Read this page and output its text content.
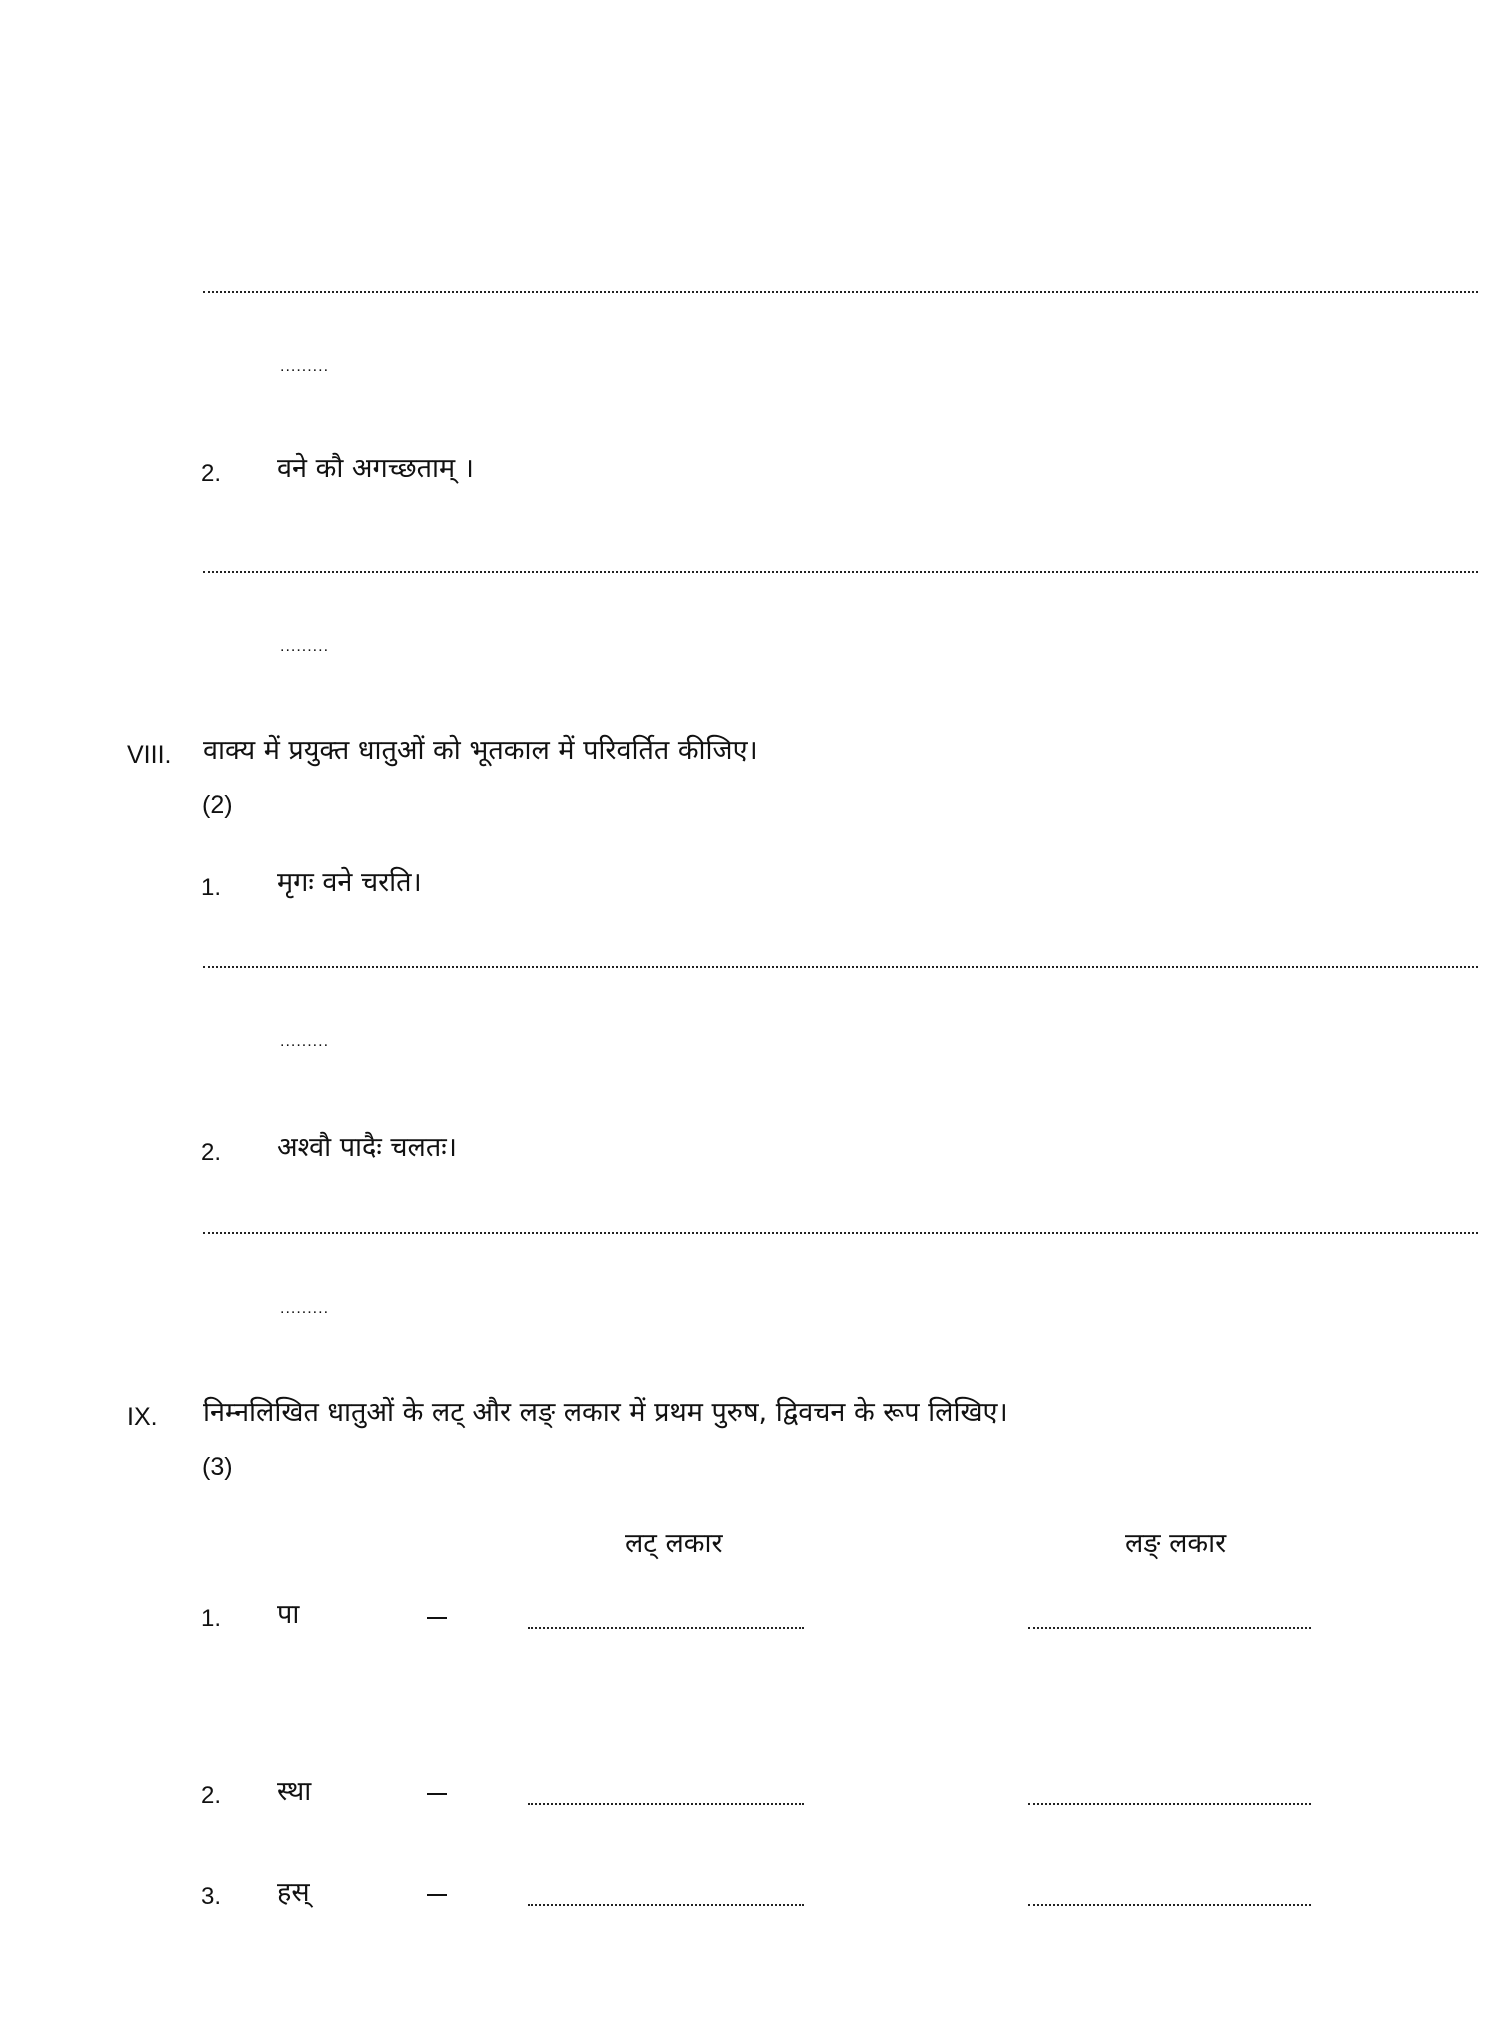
.........
2. वने कौ अगच्छताम् ।
.........
VIII. वाक्य में प्रयुक्त धातुओं को भूतकाल में परिवर्तित कीजिए।
(2)
1. मृगः वने चरति।
.........
2. अश्वौ पादैः चलतः।
.........
IX. निम्नलिखित धातुओं के लट् और लङ् लकार में प्रथम पुरुष, द्विवचन के रूप लिखिए।
(3)
लट् लकार	लङ् लकार
1. पा
2. स्था
3. हस्
